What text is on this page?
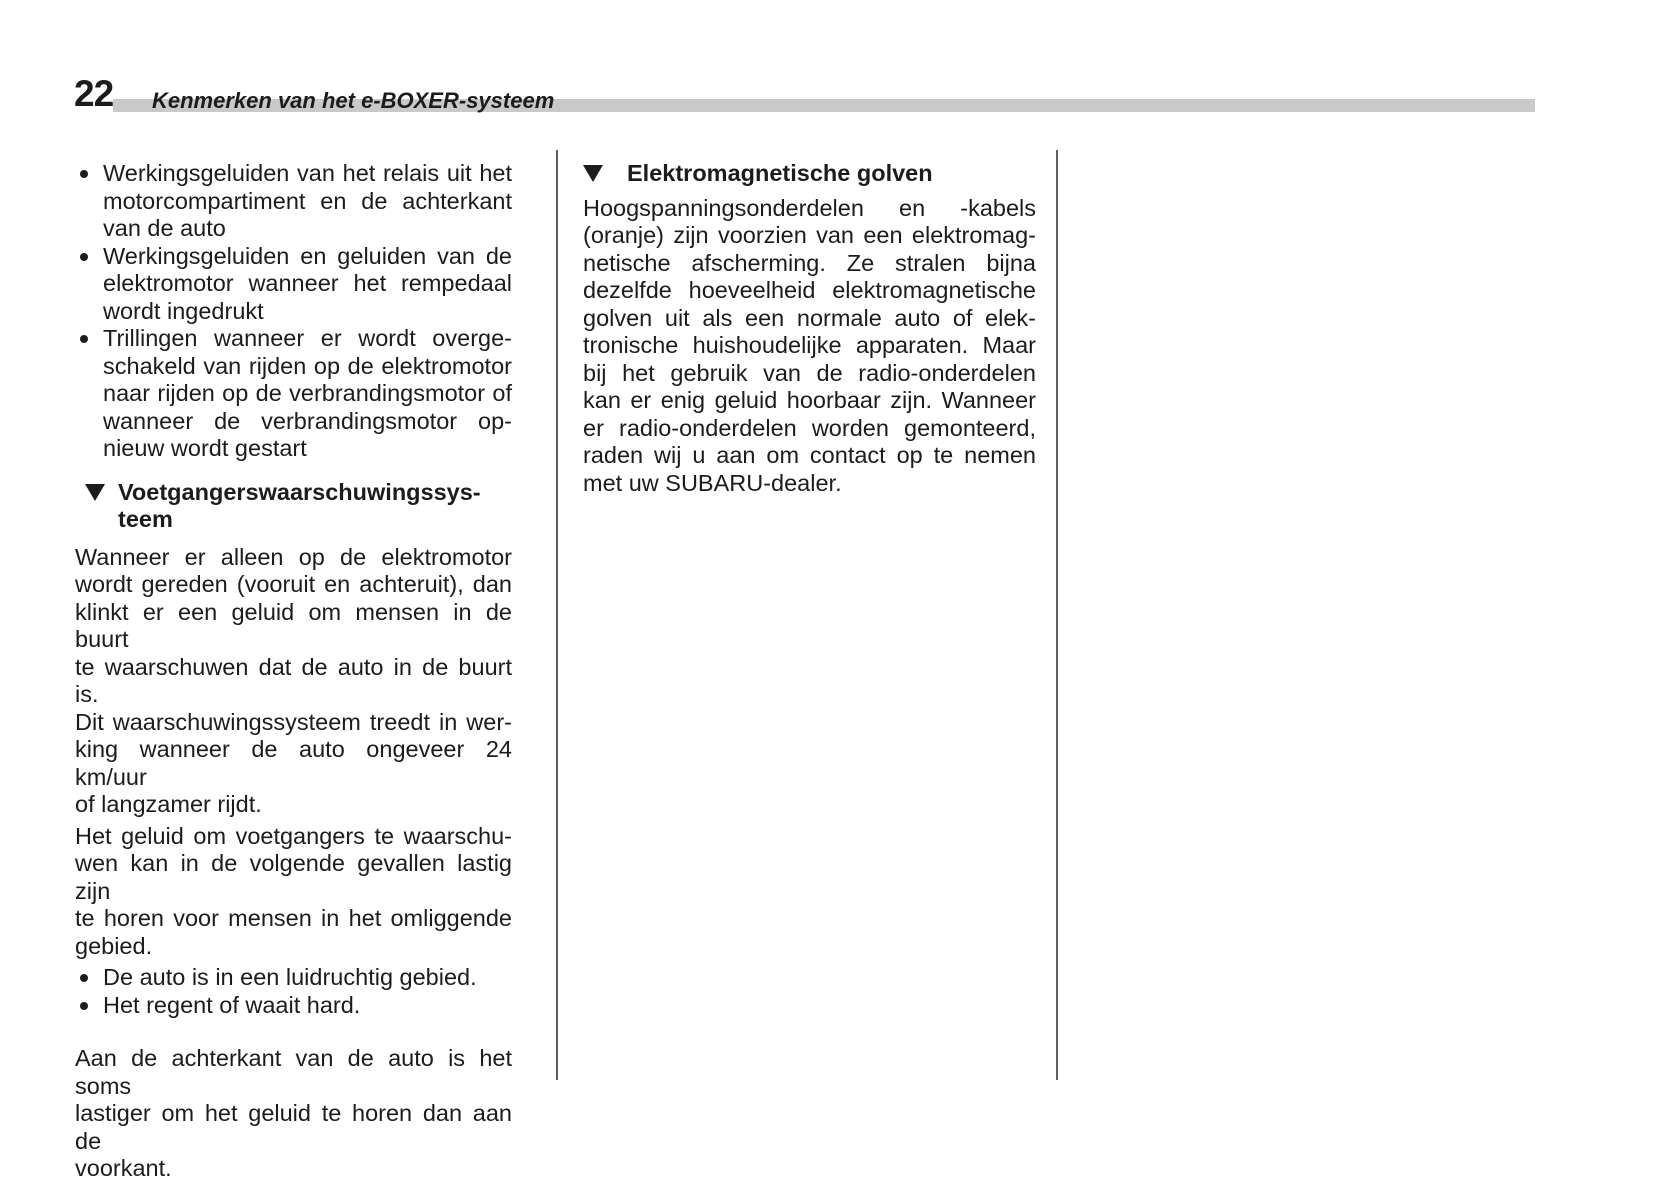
22 Kenmerken van het e-BOXER-systeem
Werkingsgeluiden van het relais uit het
motorcompartiment en de achterkant
van de auto
Werkingsgeluiden en geluiden van de
elektromotor wanneer het rempedaal
wordt ingedrukt
Trillingen wanneer er wordt overge-
schakeld van rijden op de elektromotor
naar rijden op de verbrandingsmotor of
wanneer de verbrandingsmotor op-
nieuw wordt gestart
Voetgangerswaarschuwingssys-
teem
Wanneer er alleen op de elektromotor
wordt gereden (vooruit en achteruit), dan
klinkt er een geluid om mensen in de buurt
te waarschuwen dat de auto in de buurt is.
Dit waarschuwingssysteem treedt in wer-
king wanneer de auto ongeveer 24 km/uur
of langzamer rijdt.
Het geluid om voetgangers te waarschu-
wen kan in de volgende gevallen lastig zijn
te horen voor mensen in het omliggende
gebied.
De auto is in een luidruchtig gebied.
Het regent of waait hard.
Aan de achterkant van de auto is het soms
lastiger om het geluid te horen dan aan de
voorkant.
Elektromagnetische golven
Hoogspanningsonderdelen en -kabels
(oranje) zijn voorzien van een elektromag-
netische afscherming. Ze stralen bijna
dezelfde hoeveelheid elektromagnetische
golven uit als een normale auto of elek-
tronische huishoudelijke apparaten. Maar
bij het gebruik van de radio-onderdelen
kan er enig geluid hoorbaar zijn. Wanneer
er radio-onderdelen worden gemonteerd,
raden wij u aan om contact op te nemen
met uw SUBARU-dealer.
